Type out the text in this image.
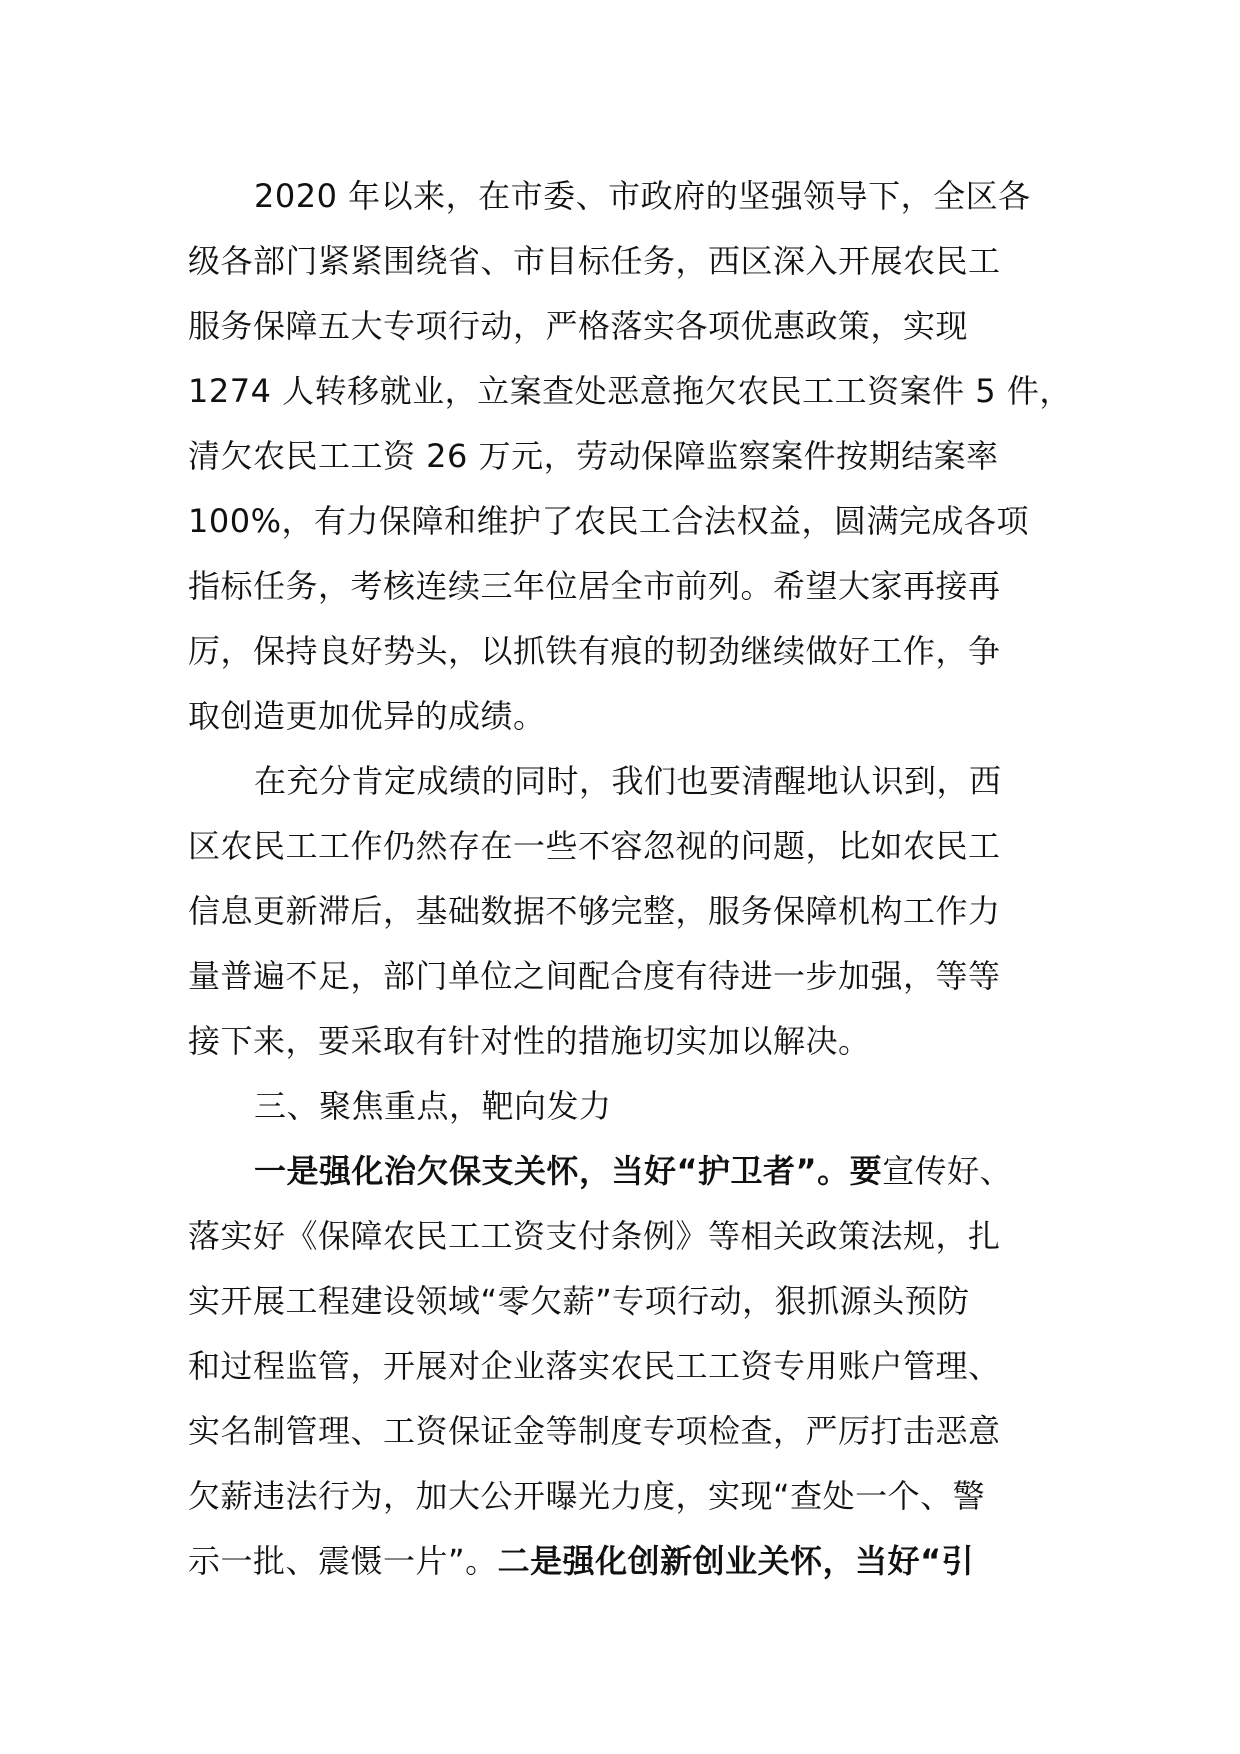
2020 年以来，在市委、市政府的坚强领导下，全区各
级各部门紧紧围绕省、市目标任务，西区深入开展农民工
服务保障五大专项行动，严格落实各项优惠政策，实现
1274 人转移就业，立案查处恶意拖欠农民工工资案件 5 件，
清欠农民工工资 26 万元，劳动保障监察案件按期结案率
100%，有力保障和维护了农民工合法权益，圆满完成各项
指标任务，考核连续三年位居全市前列。希望大家再接再
厉，保持良好势头，以抓铁有痕的韧劲继续做好工作，争
取创造更加优异的成绩。
在充分肯定成绩的同时，我们也要清醒地认识到，西
区农民工工作仍然存在一些不容忽视的问题，比如农民工
信息更新滞后，基础数据不够完整，服务保障机构工作力
量普遍不足，部门单位之间配合度有待进一步加强，等等
接下来，要采取有针对性的措施切实加以解决。
三、聚焦重点，靶向发力
一是强化治欠保支关怀，当好“护卫者”。要宣传好、
落实好《保障农民工工资支付条例》等相关政策法规，扎
实开展工程建设领域“零欠薪”专项行动，狠抓源头预防
和过程监管，开展对企业落实农民工工资专用账户管理、
实名制管理、工资保证金等制度专项检查，严厉打击恶意
欠薪违法行为，加大公开曝光力度，实现“查处一个、警
示一批、震慑一片”。二是强化创新创业关怀，当好“引
